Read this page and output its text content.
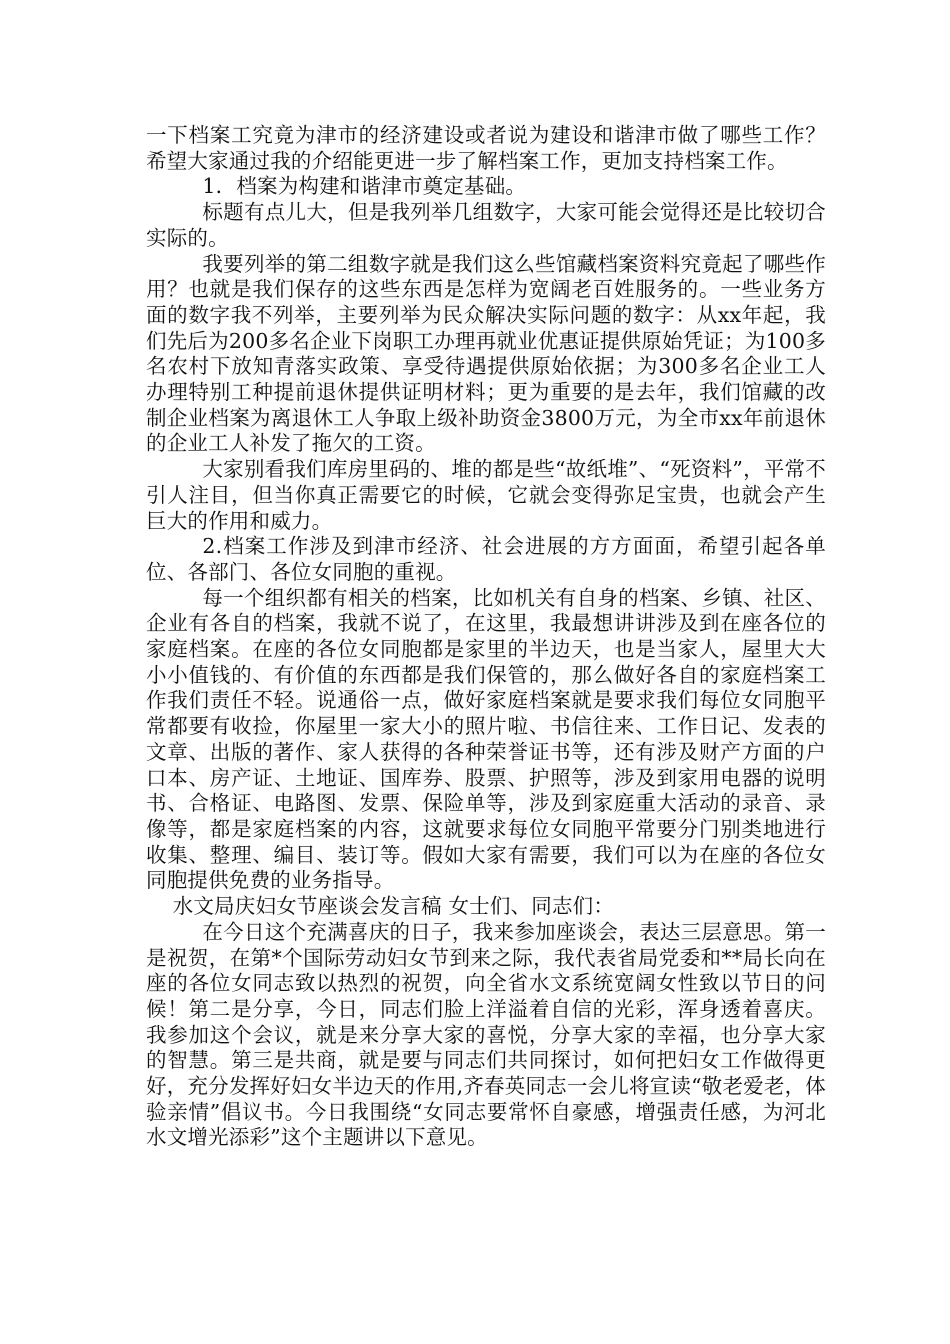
一下档案工究竟为津市的经济建设或者说为建设和谐津市做了哪些工作？希望大家通过我的介绍能更进一步了解档案工作，更加支持档案工作。

1．档案为构建和谐津市奠定基础。

标题有点儿大，但是我列举几组数字，大家可能会觉得还是比较切合实际的。

我要列举的第二组数字就是我们这么些馆藏档案资料究竟起了哪些作用？也就是我们保存的这些东西是怎样为宽阔老百姓服务的。一些业务方面的数字我不列举，主要列举为民众解决实际问题的数字：从xx年起，我们先后为200多名企业下岗职工办理再就业优惠证提供原始凭证；为100多名农村下放知青落实政策、享受待遇提供原始依据；为300多名企业工人办理特别工种提前退休提供证明材料；更为重要的是去年，我们馆藏的改制企业档案为离退休工人争取上级补助资金3800万元，为全市xx年前退休的企业工人补发了拖欠的工资。

大家别看我们库房里码的、堆的都是些“故纸堆”、“死资料”，平常不引人注目，但当你真正需要它的时候，它就会变得弥足宝贵，也就会产生巨大的作用和威力。

2.档案工作涉及到津市经济、社会进展的方方面面，希望引起各单位、各部门、各位女同胞的重视。

每一个组织都有相关的档案，比如机关有自身的档案、乡镇、社区、企业有各自的档案，我就不说了，在这里，我最想讲讲涉及到在座各位的家庭档案。在座的各位女同胞都是家里的半边天，也是当家人，屋里大大小小值钱的、有价值的东西都是我们保管的，那么做好各自的家庭档案工作我们责任不轻。说通俗一点，做好家庭档案就是要求我们每位女同胞平常都要有收捡，你屋里一家大小的照片啦、书信往来、工作日记、发表的文章、出版的著作、家人获得的各种荣誉证书等，还有涉及财产方面的户口本、房产证、土地证、国库券、股票、护照等，涉及到家用电器的说明书、合格证、电路图、发票、保险单等，涉及到家庭重大活动的录音、录像等，都是家庭档案的内容，这就要求每位女同胞平常要分门别类地进行收集、整理、编目、装订等。假如大家有需要，我们可以为在座的各位女同胞提供免费的业务指导。

水文局庆妇女节座谈会发言稿 女士们、同志们：

在今日这个充满喜庆的日子，我来参加座谈会，表达三层意思。第一是祝贺，在第*个国际劳动妇女节到来之际，我代表省局党委和**局长向在座的各位女同志致以热烈的祝贺，向全省水文系统宽阔女性致以节日的问候！第二是分享，今日，同志们脸上洋溢着自信的光彩，浑身透着喜庆。我参加这个会议，就是来分享大家的喜悦，分享大家的幸福，也分享大家的智慧。第三是共商，就是要与同志们共同探讨，如何把妇女工作做得更好，充分发挥好妇女半边天的作用,齐春英同志一会儿将宣读“敬老爱老，体验亲情”倡议书。今日我围绕“女同志要常怀自豪感，增强责任感，为河北水文增光添彩”这个主题讲以下意见。
